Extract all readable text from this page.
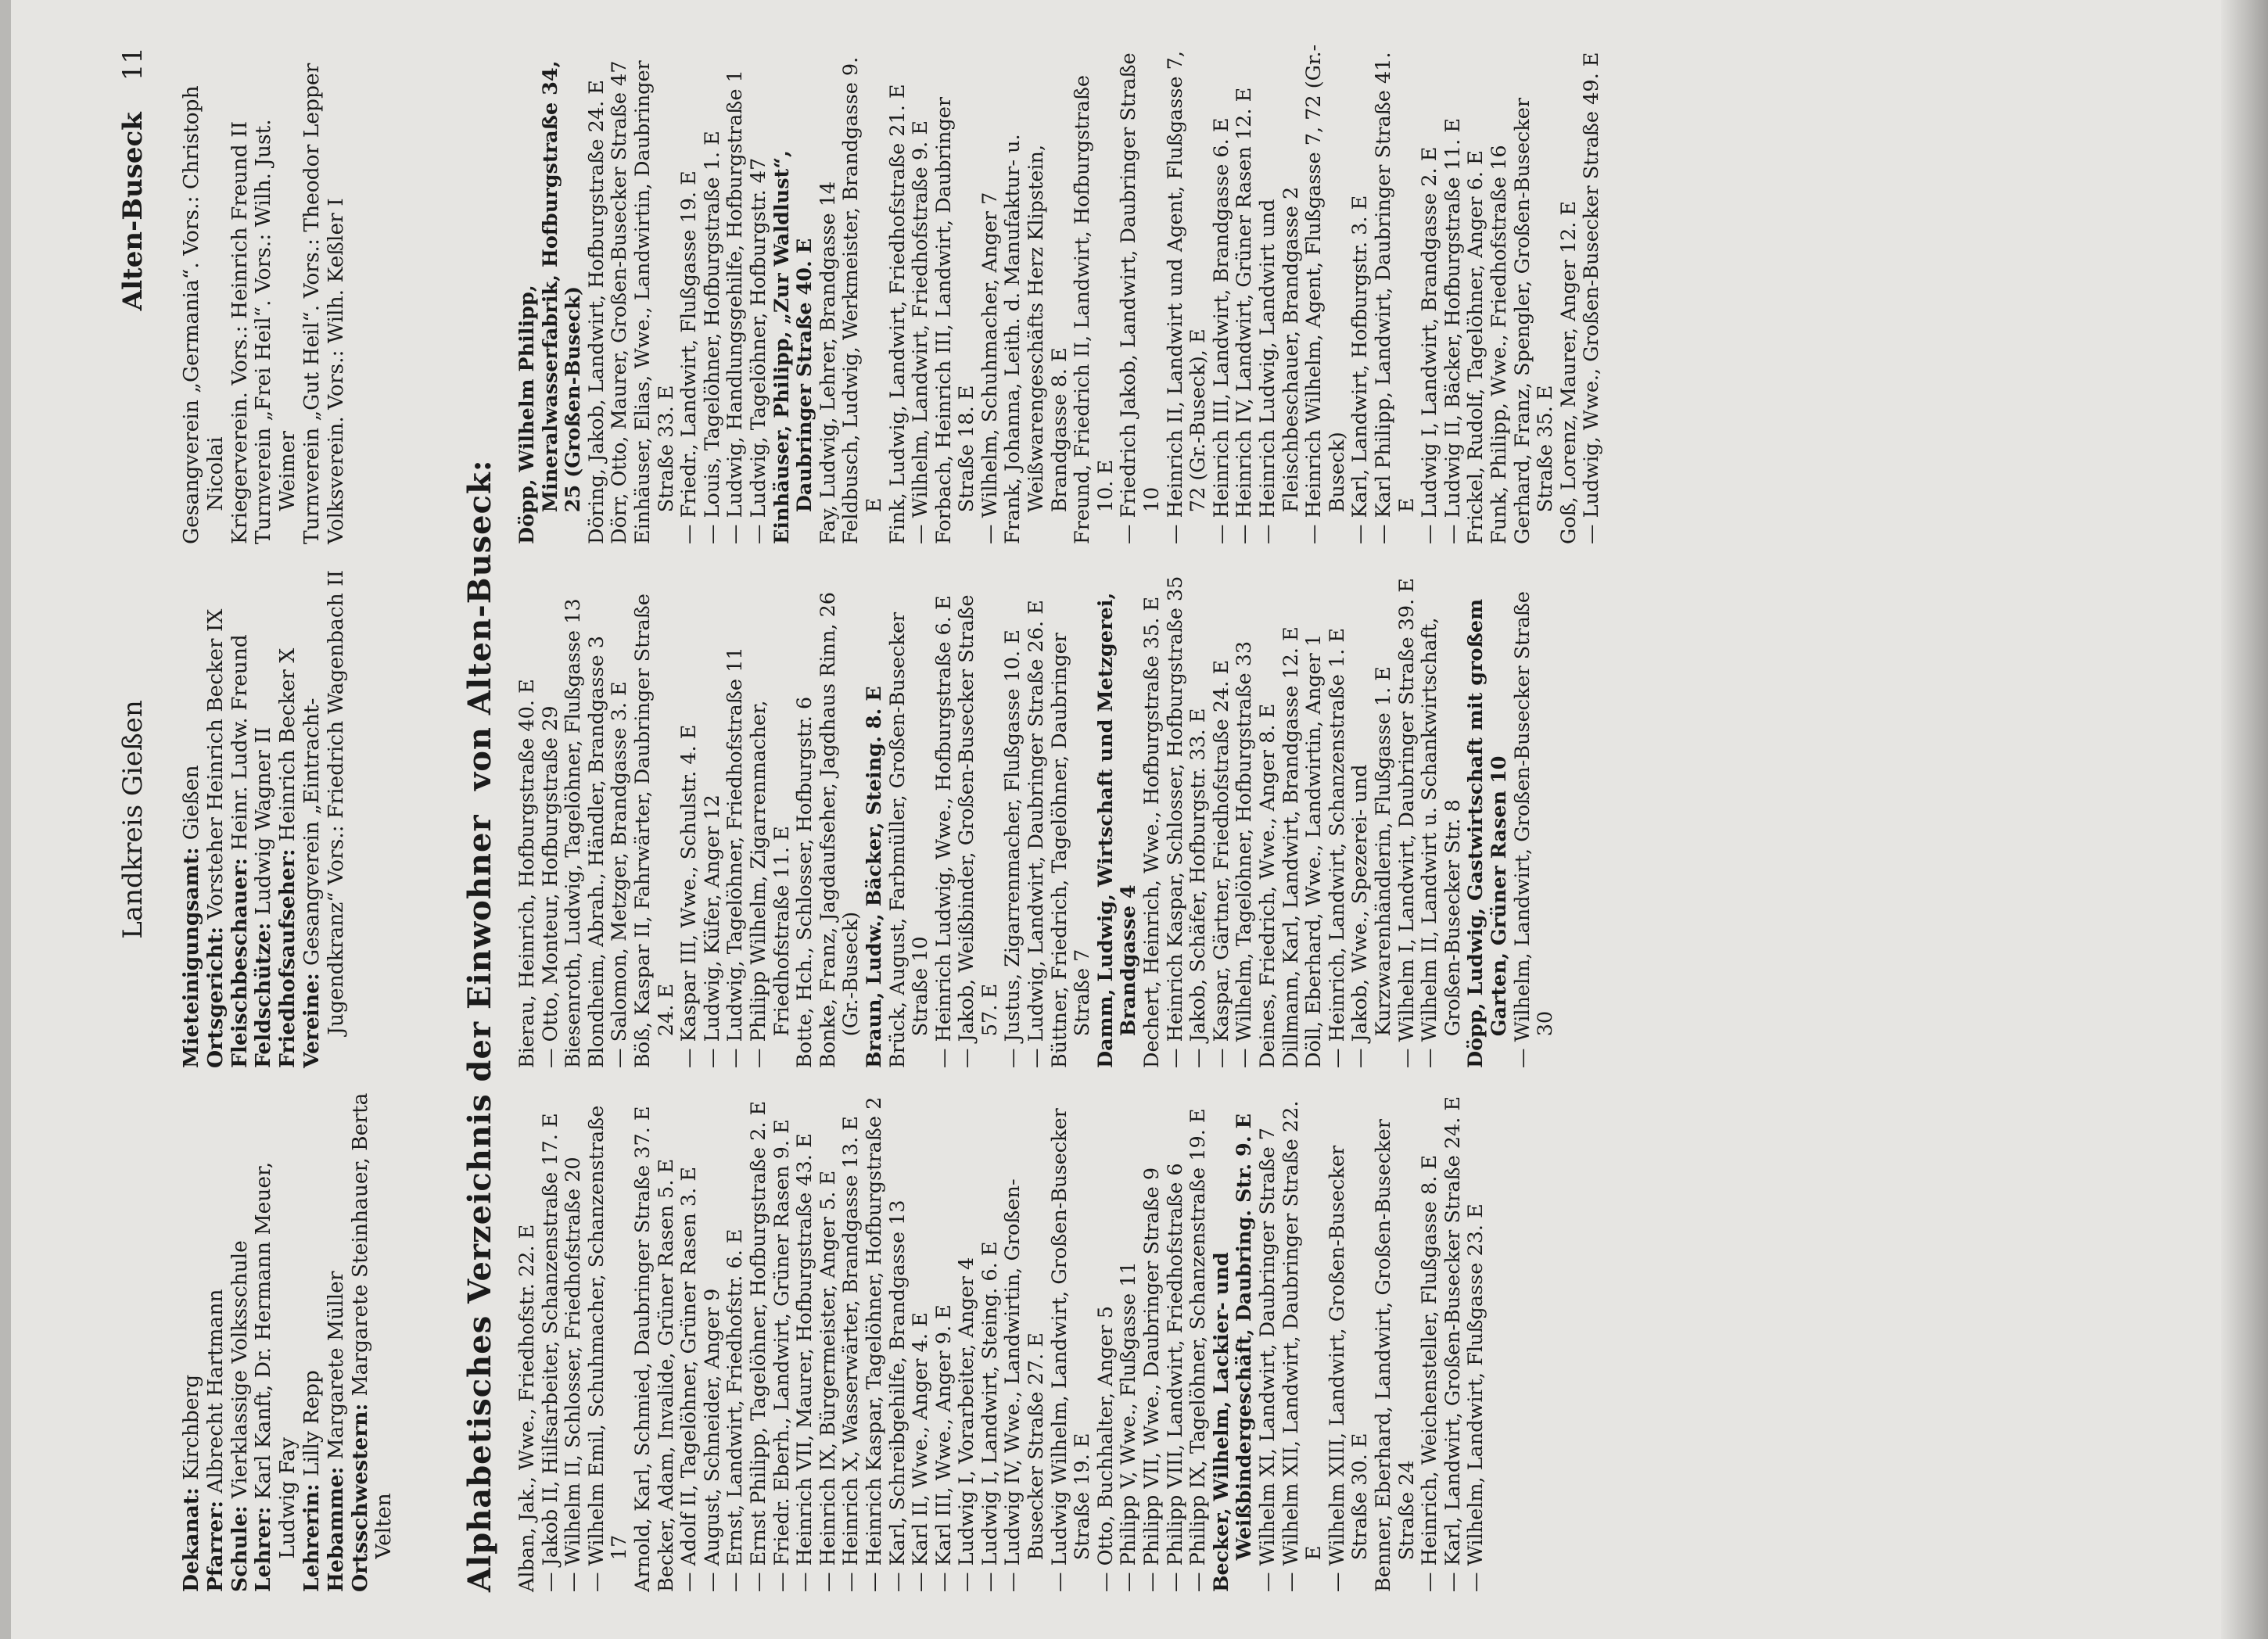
Landkreis Gießen
Alten-Buseck11

Dekanat: Kirchberg

Pfarrer: Albrecht Hartmann

Schule: Vierklassige Volksschule

Lehrer: Karl Kanft, Dr. Hermann Meuer, Ludwig Fay Lehrerin: Lilly Repp

Hebamme: Margarete Müller

Ortsschwestern: Margarete Steinhauer, Berta Velten

Mieteinigungsamt: Gießen

Ortsgericht: Vorsteher Heinrich Becker IX

Fleischbeschauer: Heinr. Ludw. Freund

Feldschütze: Ludwig Wagner II

Friedhofsaufseher: Heinrich Becker X

Vereine: Gesangverein „Eintracht-Jugendkranz“ Vors.: Friedrich Wagenbach II

Gesangverein „Germania“. Vors.: Christoph Nicolai Kriegerverein. Vors.: Heinrich Freund II Turnverein „Frei Heil“. Vors.: Wilh. Just. Weimer Turnverein „Gut Heil“. Vors.: Theodor Lepper Volksverein. Vors.: Wilh. Keßler I

Alphabetisches Verzeichnis der Einwohner
von Alten-Buseck:

Alban, Jak., Wwe., Friedhofstr. 22. E — Jakob II, Hilfsarbeiter, Schanzenstraße 17. E — Wilhelm II, Schlosser, Friedhofstraße 20 — Wilhelm Emil, Schuhmacher, Schanzenstraße 17 Arnold, Karl, Schmied, Daubringer Straße 37. E Becker, Adam, Invalide, Grüner Rasen 5. E — Adolf II, Tagelöhner, Grüner Rasen 3. E — August, Schneider, Anger 9 — Ernst, Landwirt, Friedhofstr. 6. E — Ernst Philipp, Tagelöhner, Hofburgstraße 2. E — Friedr. Eberh., Landwirt, Grüner Rasen 9. E — Heinrich VII, Maurer, Hofburgstraße 43. E — Heinrich IX, Bürgermeister, Anger 5. E — Heinrich X, Wasserwärter, Brandgasse 13. E — Heinrich Kaspar, Tagelöhner, Hofburgstraße 2 — Karl, Schreibgehilfe, Brandgasse 13 — Karl II, Wwe., Anger 4. E — Karl III, Wwe., Anger 9. E — Ludwig I, Vorarbeiter, Anger 4 — Ludwig I, Landwirt, Steing. 6. E — Ludwig IV, Wwe., Landwirtin, Großen-Busecker Straße 27. E — Ludwig Wilhelm, Landwirt, Großen-Busecker Straße 19. E — Otto, Buchhalter, Anger 5 — Philipp V, Wwe., Flußgasse 11 — Philipp VII, Wwe., Daubringer Straße 9 — Philipp VIII, Landwirt, Friedhofstraße 6 — Philipp IX, Tagelöhner, Schanzenstraße 19. E Becker, Wilhelm, Lackier- und Weißbindergeschäft, Daubring. Str. 9. E — Wilhelm XI, Landwirt, Daubringer Straße 7 — Wilhelm XII, Landwirt, Daubringer Straße 22. E — Wilhelm XIII, Landwirt, Großen-Busecker Straße 30. E Benner, Eberhard, Landwirt, Großen-Busecker Straße 24 — Heinrich, Weichensteller, Flußgasse 8. E — Karl, Landwirt, Großen-Busecker Straße 24. E — Wilhelm, Landwirt, Flußgasse 23. E

Bierau, Heinrich, Hofburgstraße 40. E — Otto, Monteur, Hofburgstraße 29 Biesenroth, Ludwig, Tagelöhner, Flußgasse 13 Blondheim, Abrah., Händler, Brandgasse 3 — Salomon, Metzger, Brandgasse 3. E Böß, Kaspar II, Fahrwärter, Daubringer Straße 24. E — Kaspar III, Wwe., Schulstr. 4. E — Ludwig, Küfer, Anger 12 — Ludwig, Tagelöhner, Friedhofstraße 11 — Philipp Wilhelm, Zigarrenmacher, Friedhofstraße 11. E Botte, Hch., Schlosser, Hofburgstr. 6 Bonke, Franz, Jagdaufseher, Jagdhaus Rinn, 26 (Gr.-Buseck) Braun, Ludw., Bäcker, Steing. 8. E Brück, August, Farbmüller, Großen-Busecker Straße 10 — Heinrich Ludwig, Wwe., Hofburgstraße 6. E — Jakob, Weißbinder, Großen-Busecker Straße 57. E — Justus, Zigarrenmacher, Flußgasse 10. E — Ludwig, Landwirt, Daubringer Straße 26. E Büttner, Friedrich, Tagelöhner, Daubringer Straße 7 Damm, Ludwig, Wirtschaft und Metzgerei, Brandgasse 4 Dechert, Heinrich, Wwe., Hofburgstraße 35. E — Heinrich Kaspar, Schlosser, Hofburgstraße 35 — Jakob, Schäfer, Hofburgstr. 33. E — Kaspar, Gärtner, Friedhofstraße 24. E — Wilhelm, Tagelöhner, Hofburgstraße 33 Deines, Friedrich, Wwe., Anger 8. E Dillmann, Karl, Landwirt, Brandgasse 12. E Döll, Eberhard, Wwe., Landwirtin, Anger 1 — Heinrich, Landwirt, Schanzenstraße 1. E — Jakob, Wwe., Spezerei- und Kurzwarenhändlerin, Flußgasse 1. E — Wilhelm I, Landwirt, Daubringer Straße 39. E — Wilhelm II, Landwirt u. Schankwirtschaft, Großen-Busecker Str. 8 Döpp, Ludwig, Gastwirtschaft mit großem Garten, Grüner Rasen 10 — Wilhelm, Landwirt, Großen-Busecker Straße 30

Döpp, Wilhelm Philipp, Mineralwasserfabrik, Hofburgstraße 34, 25 (Großen-Buseck) Döring, Jakob, Landwirt, Hofburgstraße 24. E Dörr, Otto, Maurer, Großen-Busecker Straße 47 Einhäuser, Elias, Wwe., Landwirtin, Daubringer Straße 33. E — Friedr., Landwirt, Flußgasse 19. E — Louis, Tagelöhner, Hofburgstraße 1. E — Ludwig, Handlungsgehilfe, Hofburgstraße 1 — Ludwig, Tagelöhner, Hofburgstr. 47 Einhäuser, Philipp, „Zur Waldlust“, Daubringer Straße 40. E Fay, Ludwig, Lehrer, Brandgasse 14 Feldbusch, Ludwig, Werkmeister, Brandgasse 9. E Fink, Ludwig, Landwirt, Friedhofstraße 21. E — Wilhelm, Landwirt, Friedhofstraße 9. E Forbach, Heinrich III, Landwirt, Daubringer Straße 18. E — Wilhelm, Schuhmacher, Anger 7 Frank, Johanna, Leith. d. Manufaktur- u. Weißwarengeschäfts Herz Klipstein, Brandgasse 8. E Freund, Friedrich II, Landwirt, Hofburgstraße 10. E — Friedrich Jakob, Landwirt, Daubringer Straße 10 — Heinrich II, Landwirt und Agent, Flußgasse 7, 72 (Gr.-Buseck), E — Heinrich III, Landwirt, Brandgasse 6. E — Heinrich IV, Landwirt, Grüner Rasen 12. E — Heinrich Ludwig, Landwirt und Fleischbeschauer, Brandgasse 2 — Heinrich Wilhelm, Agent, Flußgasse 7, 72 (Gr.-Buseck) — Karl, Landwirt, Hofburgstr. 3. E — Karl Philipp, Landwirt, Daubringer Straße 41. E — Ludwig I, Landwirt, Brandgasse 2. E — Ludwig II, Bäcker, Hofburgstraße 11. E Frickel, Rudolf, Tagelöhner, Anger 6. E Funk, Philipp, Wwe., Friedhofstraße 16 Gerhard, Franz, Spengler, Großen-Busecker Straße 35. E Goß, Lorenz, Maurer, Anger 12. E — Ludwig, Wwe., Großen-Busecker Straße 49. E
